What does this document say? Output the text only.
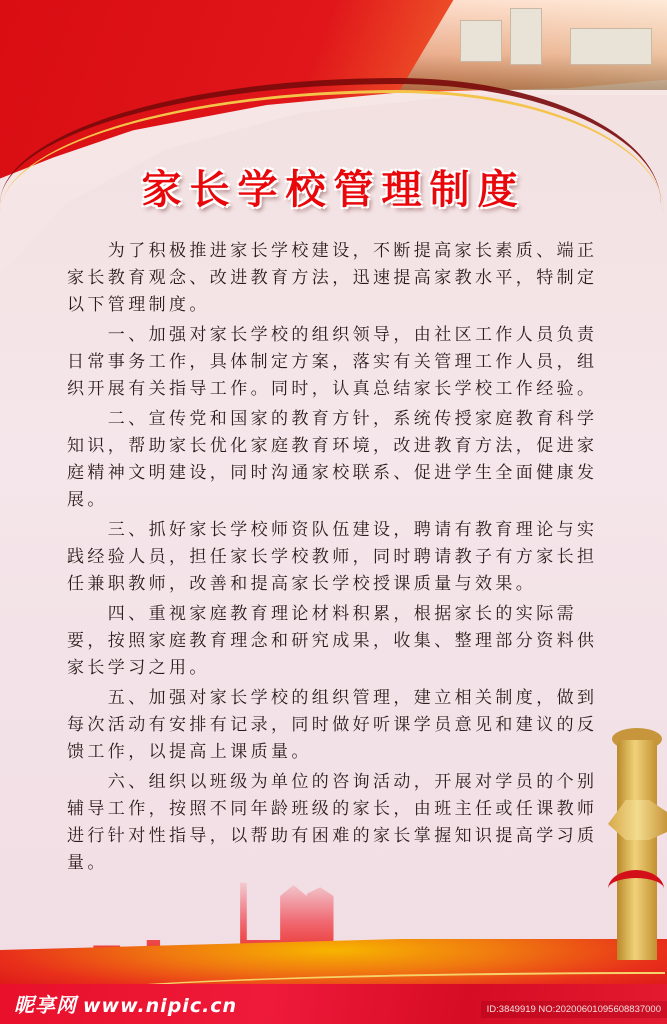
家长学校管理制度
　　为了积极推进家长学校建设，不断提高家长素质、端正
家长教育观念、改进教育方法，迅速提高家教水平，特制定
以下管理制度。
　　一、加强对家长学校的组织领导，由社区工作人员负责
日常事务工作，具体制定方案，落实有关管理工作人员，组
织开展有关指导工作。同时，认真总结家长学校工作经验。
　　二、宣传党和国家的教育方针，系统传授家庭教育科学
知识，帮助家长优化家庭教育环境，改进教育方法，促进家
庭精神文明建设，同时沟通家校联系、促进学生全面健康发
展。
　　三、抓好家长学校师资队伍建设，聘请有教育理论与实
践经验人员，担任家长学校教师，同时聘请教子有方家长担
任兼职教师，改善和提高家长学校授课质量与效果。
　　四、重视家庭教育理论材料积累，根据家长的实际需
要，按照家庭教育理念和研究成果，收集、整理部分资料供
家长学习之用。
　　五、加强对家长学校的组织管理，建立相关制度，做到
每次活动有安排有记录，同时做好听课学员意见和建议的反
馈工作，以提高上课质量。
　　六、组织以班级为单位的咨询活动，开展对学员的个别
辅导工作，按照不同年龄班级的家长，由班主任或任课教师
进行针对性指导，以帮助有困难的家长掌握知识提高学习质
量。
昵享网 www.nipic.cn	ID:3849919 NO:20200601095608837000
